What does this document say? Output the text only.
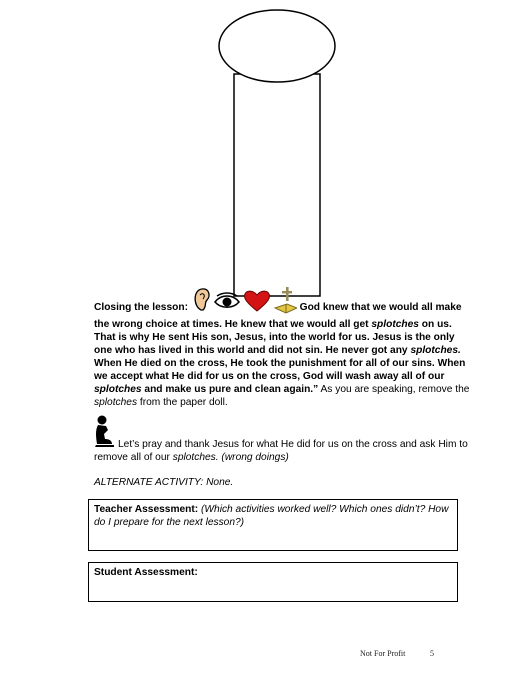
Closing the lesson:	God knew that we would all make the wrong choice at times. He knew that we would all get splotches on us. That is why He sent His son, Jesus, into the world for us. Jesus is the only one who has lived in this world and did not sin. He never got any splotches. When He died on the cross, He took the punishment for all of our sins. When we accept what He did for us on the cross, God will wash away all of our splotches and make us pure and clean again.” As you are speaking, remove the splotches from the paper doll.
Let’s pray and thank Jesus for what He did for us on the cross and ask Him to remove all of our splotches. (wrong doings)
ALTERNATE ACTIVITY: None.
Teacher Assessment: (Which activities worked well? Which ones didn’t? How do I prepare for the next lesson?)
Student Assessment:
Not For Profit	5
